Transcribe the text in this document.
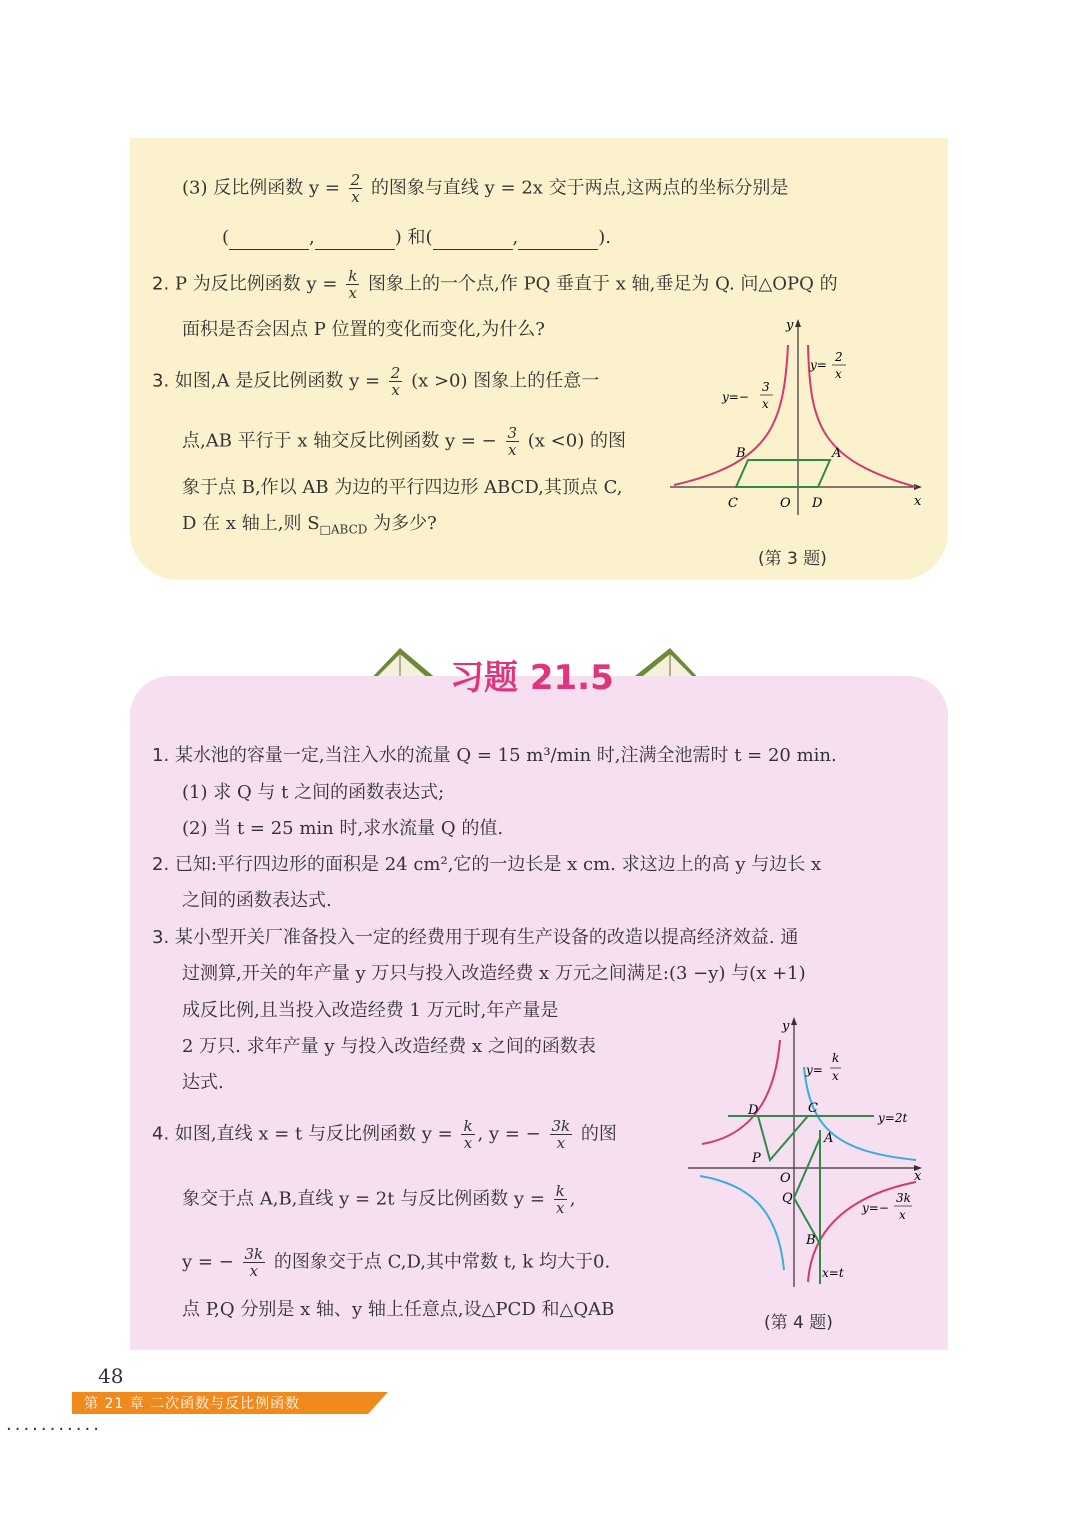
(3) 反比例函数 $y = \frac{2}{x}$ 的图象与直线 y = 2x 交于两点,这两点的坐标分别是
(	,	) 和(	,	).
2. P 为反比例函数 $y = \frac{k}{x}$ 图象上的一个点,作 PQ 垂直于 x 轴,垂足为 Q. 问△OPQ 的
面积是否会因点 P 位置的变化而变化,为什么?
3. 如图,A 是反比例函数 $y = \frac{2}{x} (x >0)$ 图象上的任意一
点,AB 平行于 x 轴交反比例函数 y = − $\frac{3}{x} (x <0)$ 的图
象于点 B,作以 AB 为边的平行四边形 ABCD,其顶点 C,
D 在 x 轴上,则 $S_{□ABCD}$ 为多少?
y
x
O
A
B
C	D
y=
2
x
y=−
3
x
(第 3 题)
习题 21.5
1. 某水池的容量一定,当注入水的流量 Q = 15 m³/min 时,注满全池需时 t = 20 min.
(1) 求 Q 与 t 之间的函数表达式;
(2) 当 t = 25 min 时,求水流量 Q 的值.
2. 已知:平行四边形的面积是 24 cm²,它的一边长是 x cm. 求这边上的高 y 与边长 x
之间的函数表达式.
3. 某小型开关厂准备投入一定的经费用于现有生产设备的改造以提高经济效益. 通
过测算,开关的年产量 y 万只与投入改造经费 x 万元之间满足:(3 −y) 与(x +1)
成反比例,且当投入改造经费 1 万元时,年产量是
2 万只. 求年产量 y 与投入改造经费 x 之间的函数表
达式.
4. 如图,直线 x = t 与反比例函数 $y = \frac{k}{x}$ , y = − $\frac{3k}{x}$ 的图
象交于点 A,B,直线 y = 2t 与反比例函数 $y = \frac{k}{x}$ ,
y = − $\frac{3k}{x}$ 的图象交于点 C,D,其中常数 t, k 均大于0.
点 P,Q 分别是 x 轴、y 轴上任意点,设△PCD 和△QAB
y
x
O
A
B
C
D
P
Q
y=2t
x=t
y=
k
x
y=−
3k
x
(第 4 题)
48
第 21 章 二次函数与反比例函数
...........
